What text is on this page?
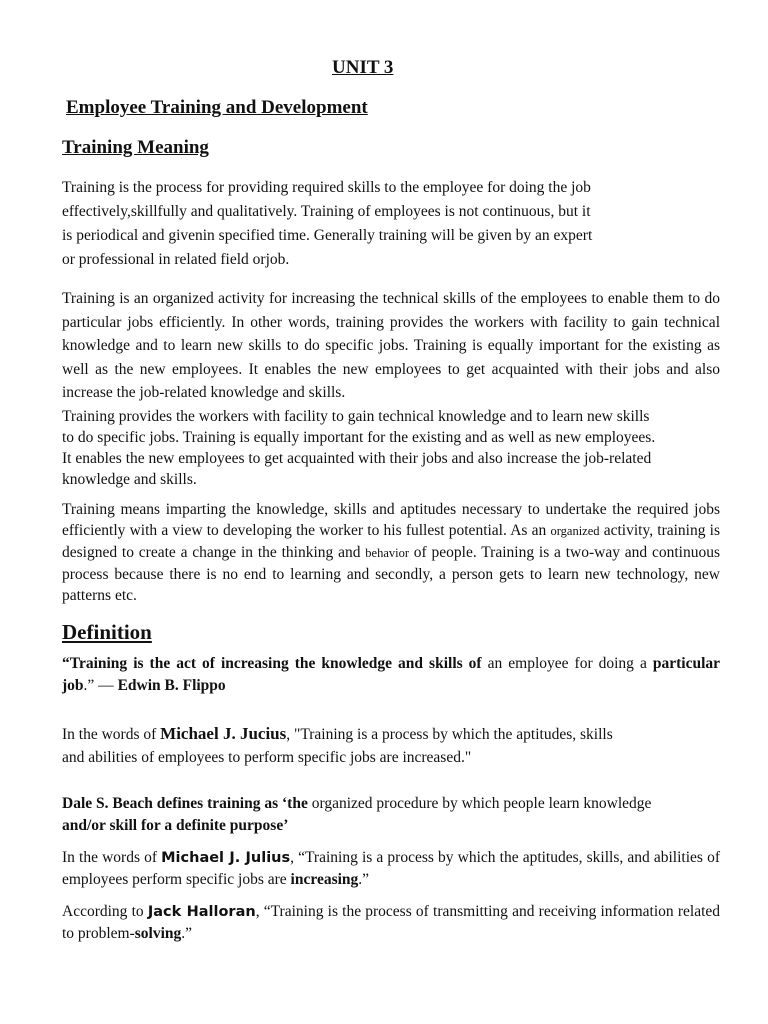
UNIT 3
Employee Training and Development
Training Meaning
Training is the process for providing required skills to the employee for doing the job
effectively,skillfully and qualitatively. Training of employees is not continuous, but it
is periodical and givenin specified time. Generally training will be given by an expert
or professional in related field orjob.
Training is an organized activity for increasing the technical skills of the employees to enable them to do particular jobs efficiently. In other words, training provides the workers with facility to gain technical knowledge and to learn new skills to do specific jobs. Training is equally important for the existing as well as the new employees. It enables the new employees to get acquainted with their jobs and also increase the job-related knowledge and skills.
Training provides the workers with facility to gain technical knowledge and to learn new skills
to do specific jobs. Training is equally important for the existing and as well as new employees.
It enables the new employees to get acquainted with their jobs and also increase the job-related
knowledge and skills.
Training means imparting the knowledge, skills and aptitudes necessary to undertake the required jobs efficiently with a view to developing the worker to his fullest potential. As an organized activity, training is designed to create a change in the thinking and behavior of people. Training is a two-way and continuous process because there is no end to learning and secondly, a person gets to learn new technology, new patterns etc.
Definition
“Training is the act of increasing the knowledge and skills of an employee for doing a particular job.” — Edwin B. Flippo
In the words of Michael J. Jucius, "Training is a process by which the aptitudes, skills
and abilities of employees to perform specific jobs are increased."
Dale S. Beach defines training as ‘the organized procedure by which people learn knowledge
and/or skill for a definite purpose’
In the words of Michael J. Julius, “Training is a process by which the aptitudes, skills, and abilities of employees perform specific jobs are increasing.”
According to Jack Halloran, “Training is the process of transmitting and receiving information related to problem-solving.”
